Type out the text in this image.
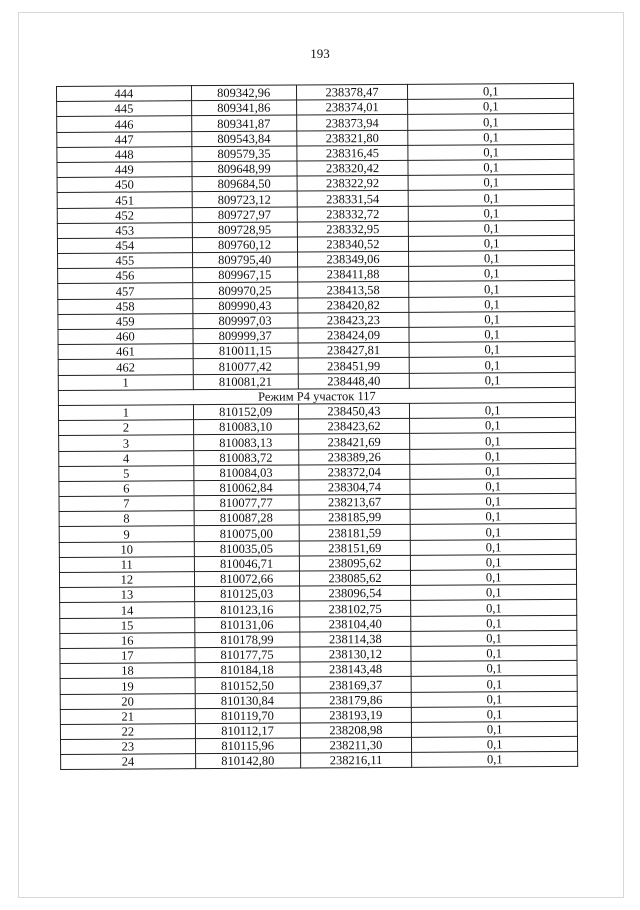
193
444	809342,96	238378,47	0,1
445	809341,86	238374,01	0,1
446	809341,87	238373,94	0,1
447	809543,84	238321,80	0,1
448	809579,35	238316,45	0,1
449	809648,99	238320,42	0,1
450	809684,50	238322,92	0,1
451	809723,12	238331,54	0,1
452	809727,97	238332,72	0,1
453	809728,95	238332,95	0,1
454	809760,12	238340,52	0,1
455	809795,40	238349,06	0,1
456	809967,15	238411,88	0,1
457	809970,25	238413,58	0,1
458	809990,43	238420,82	0,1
459	809997,03	238423,23	0,1
460	809999,37	238424,09	0,1
461	810011,15	238427,81	0,1
462	810077,42	238451,99	0,1
1	810081,21	238448,40	0,1
Режим Р4 участок 117			
1	810152,09	238450,43	0,1
2	810083,10	238423,62	0,1
3	810083,13	238421,69	0,1
4	810083,72	238389,26	0,1
5	810084,03	238372,04	0,1
6	810062,84	238304,74	0,1
7	810077,77	238213,67	0,1
8	810087,28	238185,99	0,1
9	810075,00	238181,59	0,1
10	810035,05	238151,69	0,1
11	810046,71	238095,62	0,1
12	810072,66	238085,62	0,1
13	810125,03	238096,54	0,1
14	810123,16	238102,75	0,1
15	810131,06	238104,40	0,1
16	810178,99	238114,38	0,1
17	810177,75	238130,12	0,1
18	810184,18	238143,48	0,1
19	810152,50	238169,37	0,1
20	810130,84	238179,86	0,1
21	810119,70	238193,19	0,1
22	810112,17	238208,98	0,1
23	810115,96	238211,30	0,1
24	810142,80	238216,11	0,1
